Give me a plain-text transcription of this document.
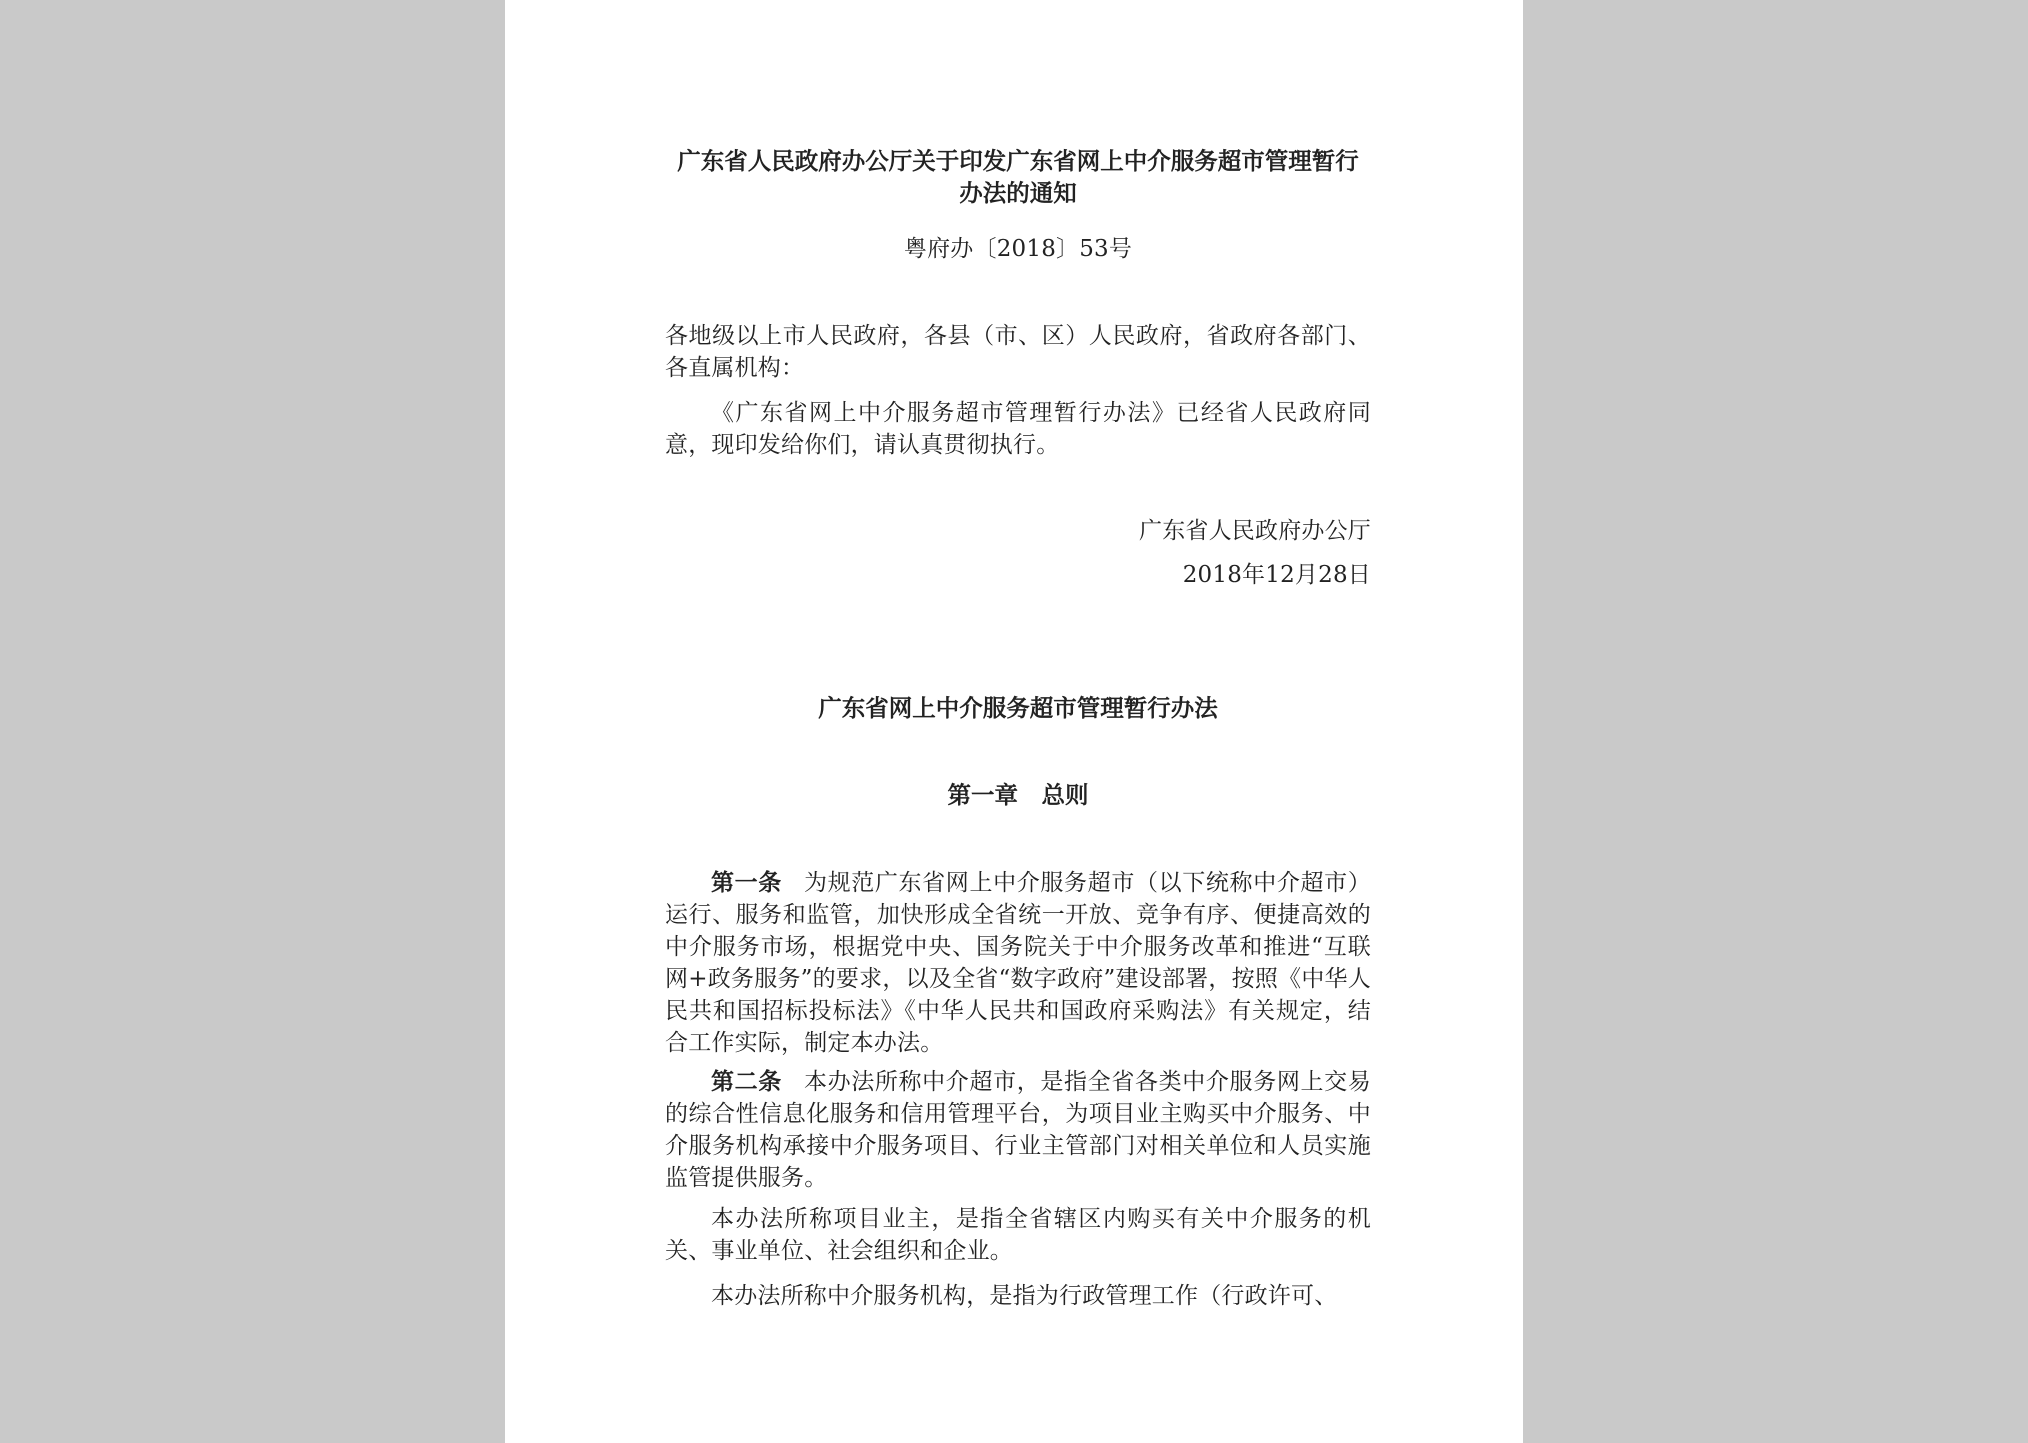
广东省人民政府办公厅关于印发广东省网上中介服务超市管理暂行
办法的通知

粤府办〔2018〕53号

各地级以上市人民政府，各县（市、区）人民政府，省政府各部门、各直属机构：

《广东省网上中介服务超市管理暂行办法》已经省人民政府同意，现印发给你们，请认真贯彻执行。

广东省人民政府办公厅

2018年12月28日

广东省网上中介服务超市管理暂行办法
第一章　总则

第一条 为规范广东省网上中介服务超市（以下统称中介超市）运行、服务和监管，加快形成全省统一开放、竞争有序、便捷高效的中介服务市场，根据党中央、国务院关于中介服务改革和推进“互联网+政务服务”的要求，以及全省“数字政府”建设部署，按照《中华人民共和国招标投标法》《中华人民共和国政府采购法》有关规定，结合工作实际，制定本办法。

第二条 本办法所称中介超市，是指全省各类中介服务网上交易的综合性信息化服务和信用管理平台，为项目业主购买中介服务、中介服务机构承接中介服务项目、行业主管部门对相关单位和人员实施监管提供服务。

本办法所称项目业主，是指全省辖区内购买有关中介服务的机关、事业单位、社会组织和企业。

本办法所称中介服务机构，是指为行政管理工作（行政许可、
